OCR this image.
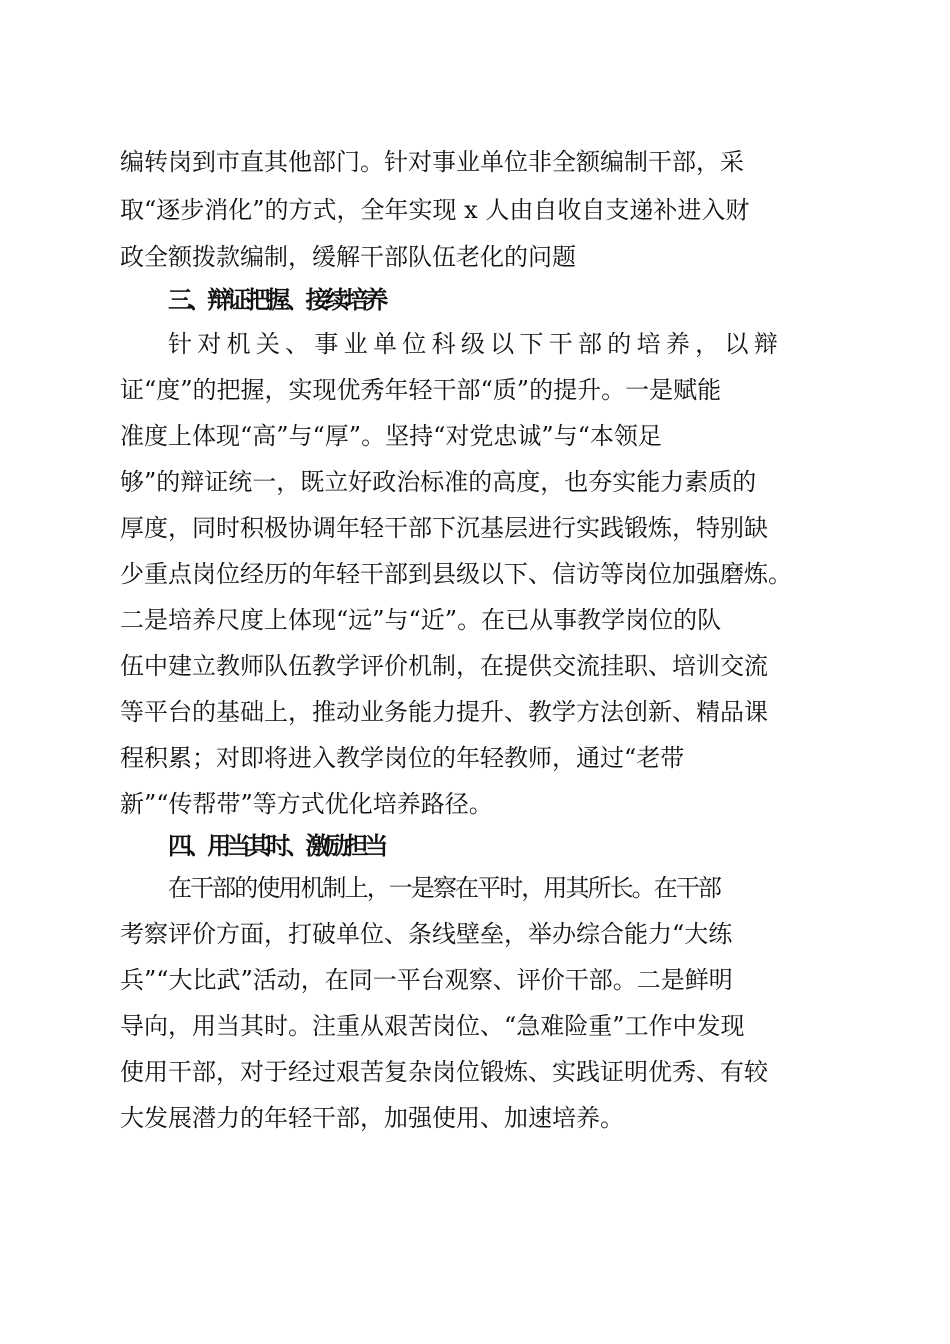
编转岗到市直其他部门。针对事业单位非全额编制干部，采
取“逐步消化”的方式，全年实现 x 人由自收自支递补进入财
政全额拨款编制，缓解干部队伍老化的问题
三、辩证把握、接续培养
针 对 机 关 、 事 业 单 位 科 级 以 下 干 部 的 培 养 ， 以 辩
证“度”的把握，实现优秀年轻干部“质”的提升。一是赋能
准度上体现“高”与“厚”。坚持“对党忠诚”与“本领足
够”的辩证统一，既立好政治标准的高度，也夯实能力素质的
厚度，同时积极协调年轻干部下沉基层进行实践锻炼，特别缺
少重点岗位经历的年轻干部到县级以下、信访等岗位加强磨炼。
二是培养尺度上体现“远”与“近”。在已从事教学岗位的队
伍中建立教师队伍教学评价机制，在提供交流挂职、培训交流
等平台的基础上，推动业务能力提升、教学方法创新、精品课
程积累；对即将进入教学岗位的年轻教师，通过“老带
新”“传帮带”等方式优化培养路径。
四、用当其时、激励担当
在干部的使用机制上，一是察在平时，用其所长。在干部
考察评价方面，打破单位、条线壁垒，举办综合能力“大练
兵”“大比武”活动，在同一平台观察、评价干部。二是鲜明
导向，用当其时。注重从艰苦岗位、“急难险重”工作中发现
使用干部，对于经过艰苦复杂岗位锻炼、实践证明优秀、有较
大发展潜力的年轻干部，加强使用、加速培养。
